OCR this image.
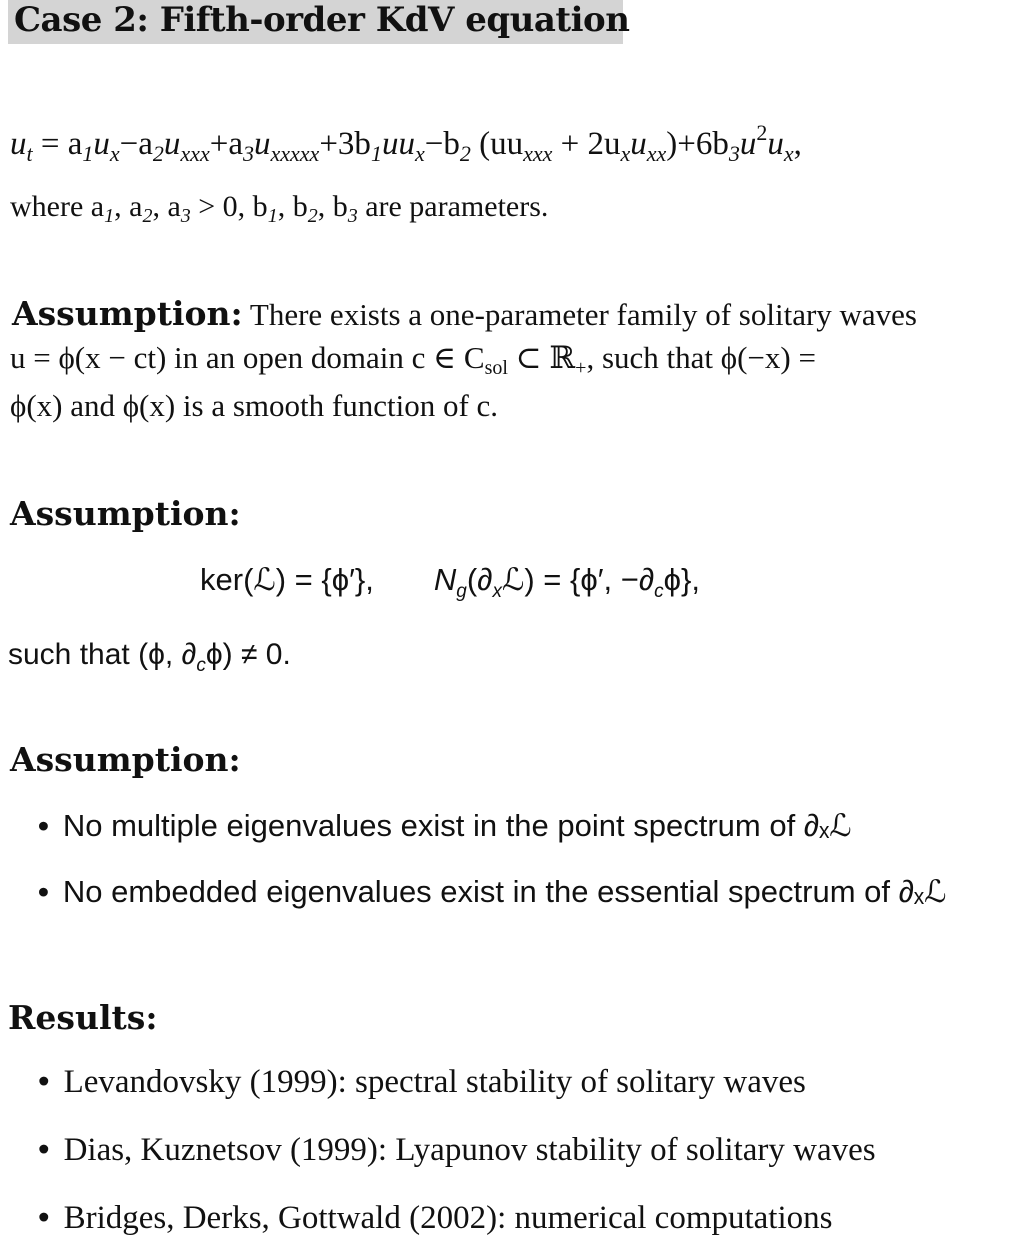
Case 2: Fifth-order KdV equation
$u_t = a_1u_x-a_2u_{xxx}+a_3u_{xxxxx}+3b_1uu_x-b_2$ $(uu_{xxx} + 2u_xu_{xx})+6b_3u^2u_x$,
where $a_1$, $a_2$, $a_3 > 0$, $b_1$, $b_2$, $b_3$ are parameters.
Assumption: There exists a one-parameter family of solitary waves
u = ϕ(x − ct) in an open domain c ∈ $C_{sol}$ ⊂ ℝ+, such that ϕ(−x) =
ϕ(x) and ϕ(x) is a smooth function of c.
Assumption:
ker(ℒ) = {ϕ′}, $N_g(\partial_xℒ) = \{\phi'$, $-\partial_c\phi$},
such that (ϕ, $\partial_c\phi) \ne 0$.
Assumption:
• No multiple eigenvalues exist in the point spectrum of ∂ₓℒ
• No embedded eigenvalues exist in the essential spectrum of ∂ₓℒ
Results:
• Levandovsky (1999): spectral stability of solitary waves
• Dias, Kuznetsov (1999): Lyapunov stability of solitary waves
• Bridges, Derks, Gottwald (2002): numerical computations
